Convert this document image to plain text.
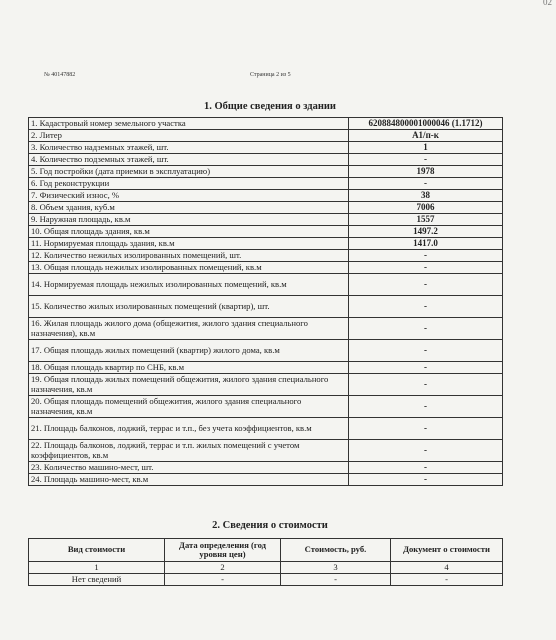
02
№ 40147882	Страница 2 из 5
1. Общие сведения о здании
1. Кадастровый номер земельного участка	620884800001000046 (1.1712)
2. Литер	А1/п-к
3. Количество надземных этажей, шт.	1
4. Количество подземных этажей, шт.	-
5. Год постройки (дата приемки в эксплуатацию)	1978
6. Год реконструкции	-
7. Физический износ, %	38
8. Объем здания, куб.м	7006
9. Наружная площадь, кв.м	1557
10. Общая площадь здания, кв.м	1497.2
11. Нормируемая площадь здания, кв.м	1417.0
12. Количество нежилых изолированных помещений, шт.	-
13. Общая площадь нежилых изолированных помещений, кв.м	-
14. Нормируемая площадь нежилых изолированных помещений, кв.м	-
15. Количество жилых изолированных помещений (квартир), шт.	-
16. Жилая площадь жилого дома (общежития, жилого здания специального назначения), кв.м	-
17. Общая площадь жилых помещений (квартир) жилого дома, кв.м	-
18. Общая площадь квартир по СНБ, кв.м	-
19. Общая площадь жилых помещений общежития, жилого здания специального назначения, кв.м	-
20. Общая площадь помещений общежития, жилого здания специального назначения, кв.м	-
21. Площадь балконов, лоджий, террас и т.п., без учета коэффициентов, кв.м	-
22. Площадь балконов, лоджий, террас и т.п. жилых помещений с учетом коэффициентов, кв.м	-
23. Количество машино-мест, шт.	-
24. Площадь машино-мест, кв.м	-
2. Сведения о стоимости
Вид стоимости	Дата определения (год уровня цен)	Стоимость, руб.	Документ о стоимости
1	2	3	4
Нет сведений	-	-	-
